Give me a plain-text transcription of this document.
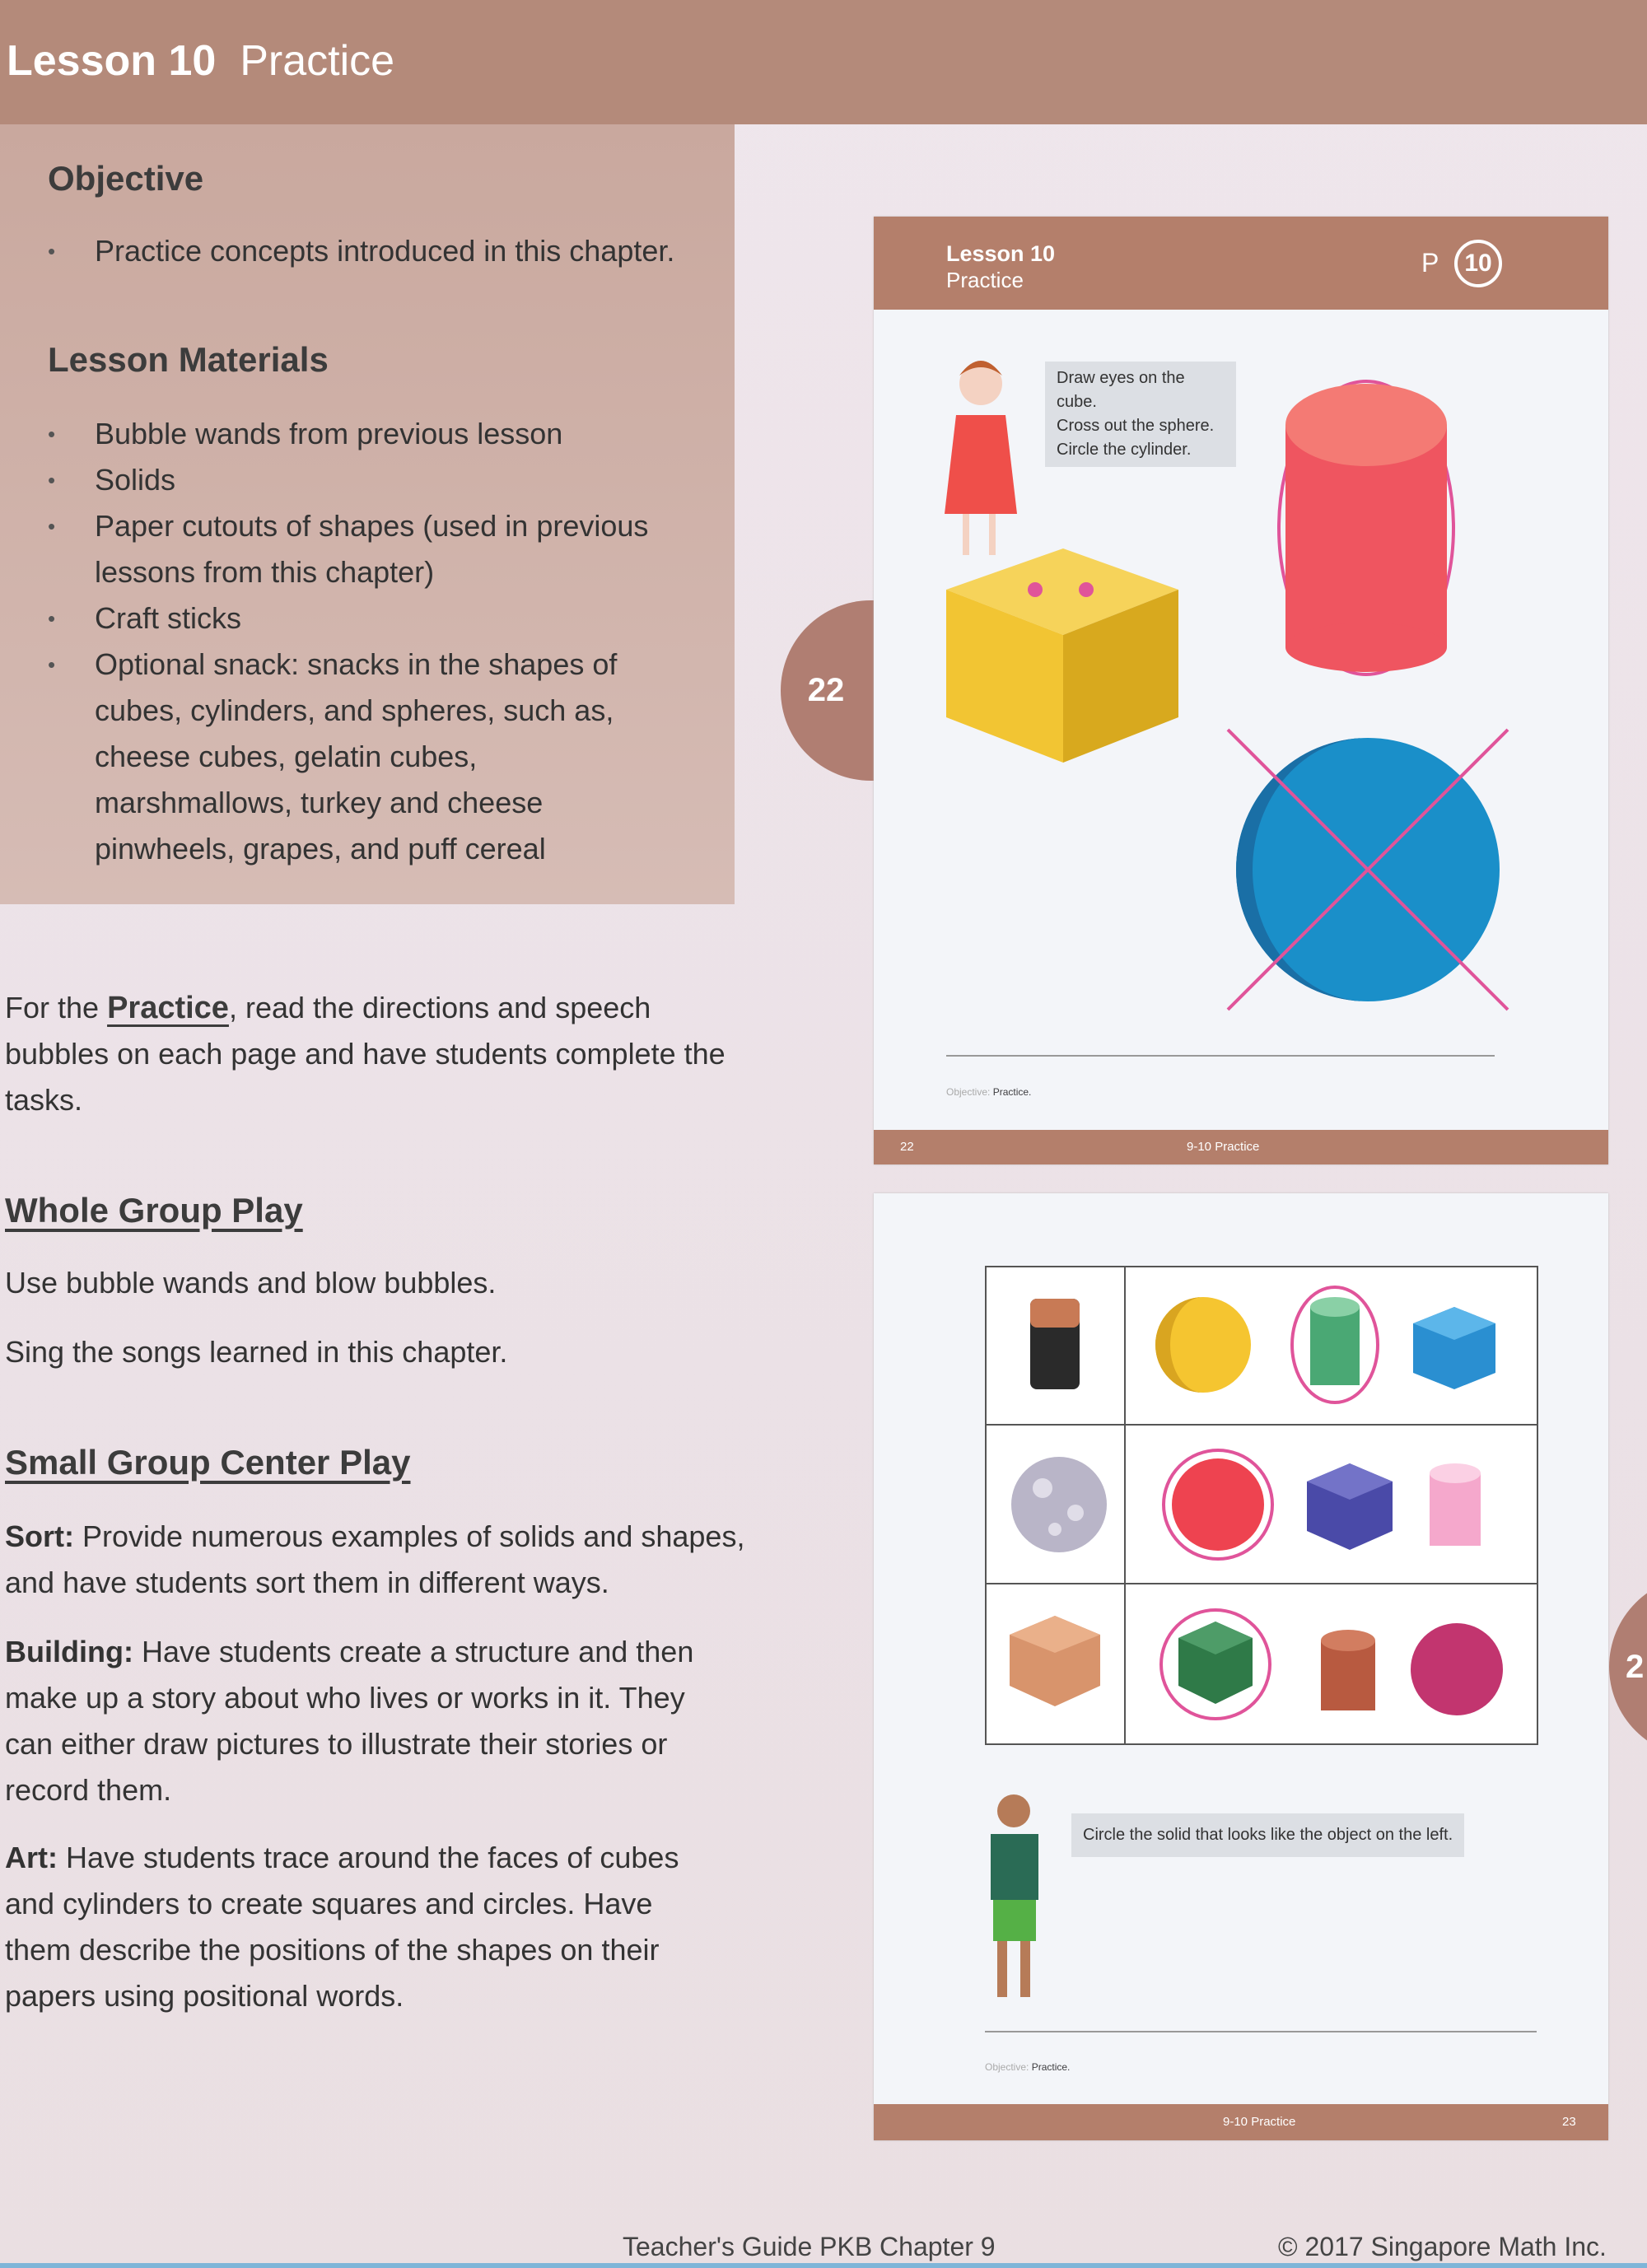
Lesson 10 Practice
Objective
• Practice concepts introduced in this chapter.
Lesson Materials
• Bubble wands from previous lesson
• Solids
• Paper cutouts of shapes (used in previous lessons from this chapter)
• Craft sticks
• Optional snack: snacks in the shapes of cubes, cylinders, and spheres, such as, cheese cubes, gelatin cubes, marshmallows, turkey and cheese pinwheels, grapes, and puff cereal
For the Practice, read the directions and speech bubbles on each page and have students complete the tasks.
Whole Group Play
Use bubble wands and blow bubbles.
Sing the songs learned in this chapter.
Small Group Center Play
Sort: Provide numerous examples of solids and shapes, and have students sort them in different ways.
Building: Have students create a structure and then make up a story about who lives or works in it. They can either draw pictures to illustrate their stories or record them.
Art: Have students trace around the faces of cubes and cylinders to create squares and circles. Have them describe the positions of the shapes on their papers using positional words.
22
Lesson 10
Practice
P	10
Draw eyes on the cube.
Cross out the sphere.
Circle the cylinder.
Objective: Practice.
22	9-10 Practice
Circle the solid that looks like the object on the left.
Objective: Practice.
9-10 Practice	23
2
Teacher's Guide PKB Chapter 9	© 2017 Singapore Math Inc.
